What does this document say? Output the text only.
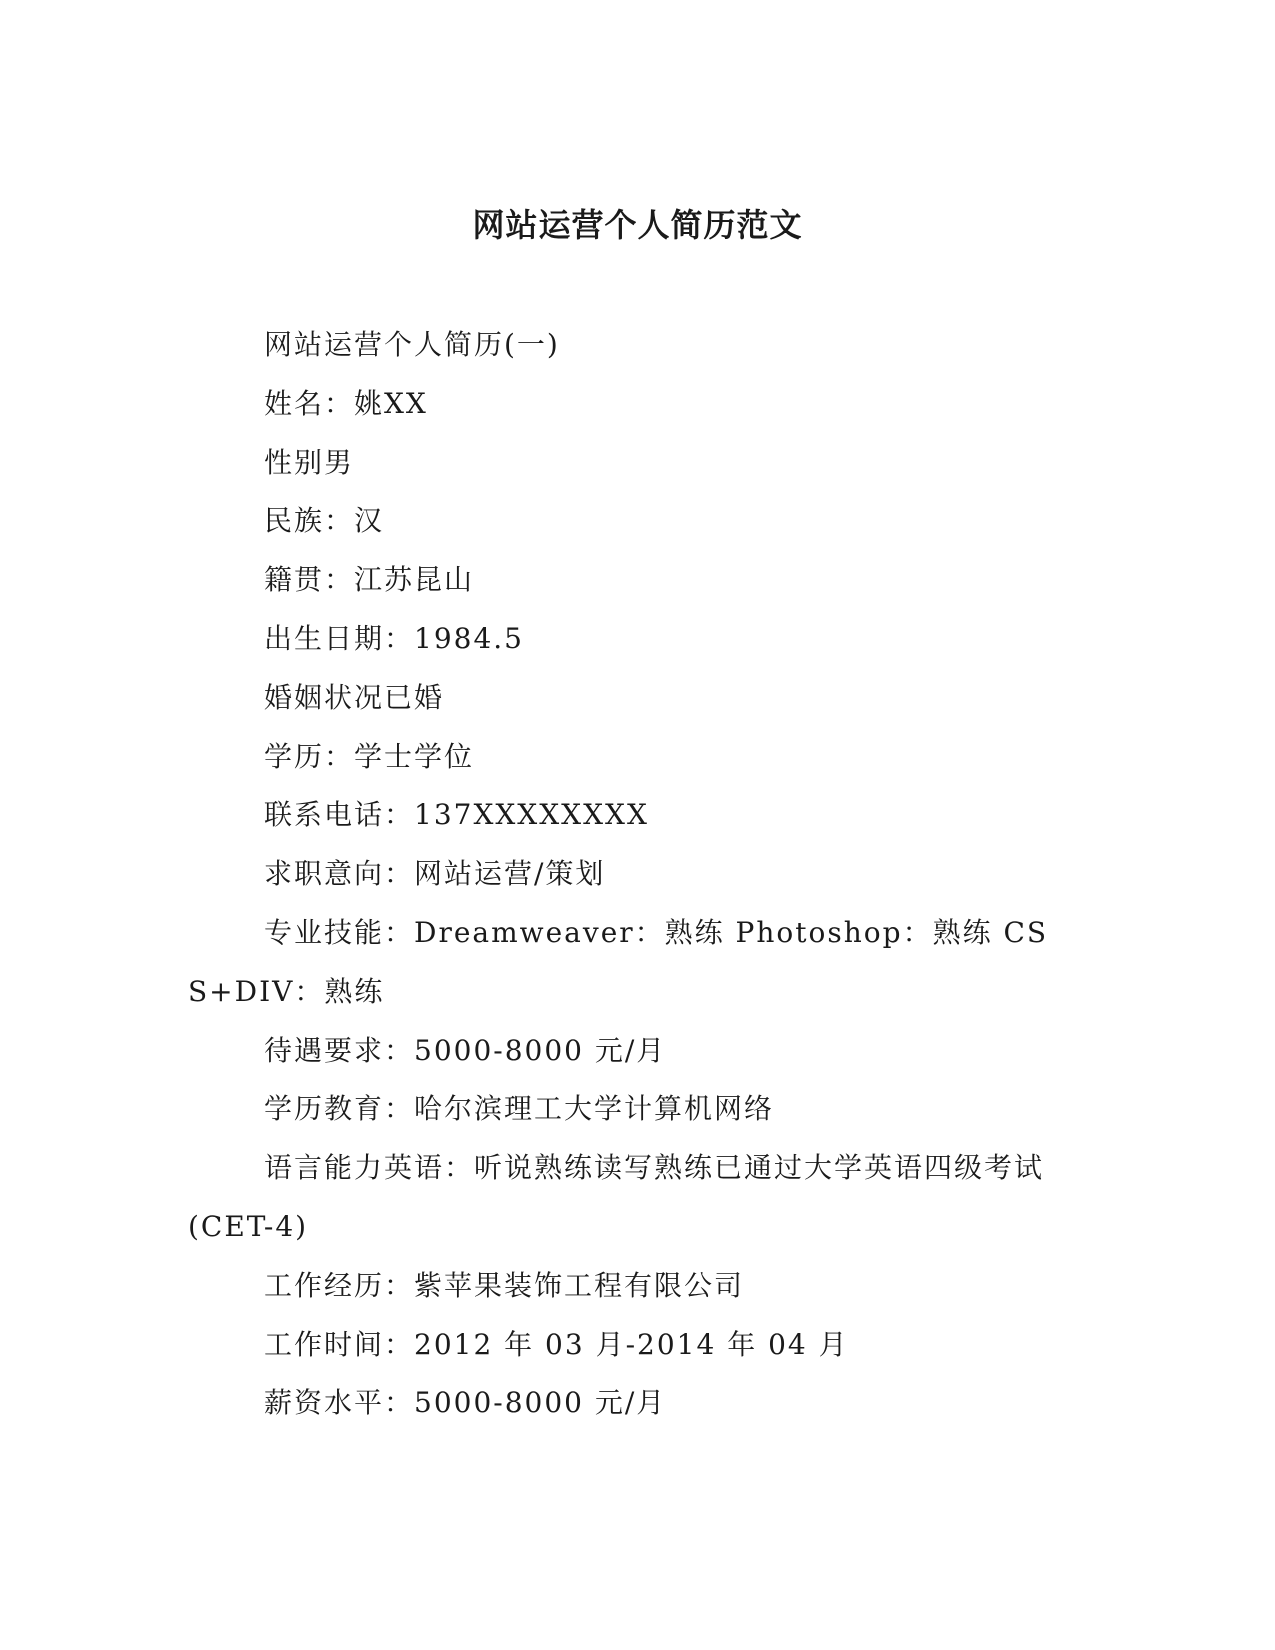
网站运营个人简历范文

网站运营个人简历(一)

姓名：姚XX

性别男

民族：汉

籍贯：江苏昆山

出生日期：1984.5

婚姻状况已婚

学历：学士学位

联系电话：137XXXXXXXX

求职意向：网站运营/策划

专业技能：Dreamweaver：熟练 Photoshop：熟练 CSS+DIV：熟练

待遇要求：5000-8000 元/月

学历教育：哈尔滨理工大学计算机网络

语言能力英语：听说熟练读写熟练已通过大学英语四级考试(CET-4)

工作经历：紫苹果装饰工程有限公司

工作时间：2012 年 03 月-2014 年 04 月

薪资水平：5000-8000 元/月
